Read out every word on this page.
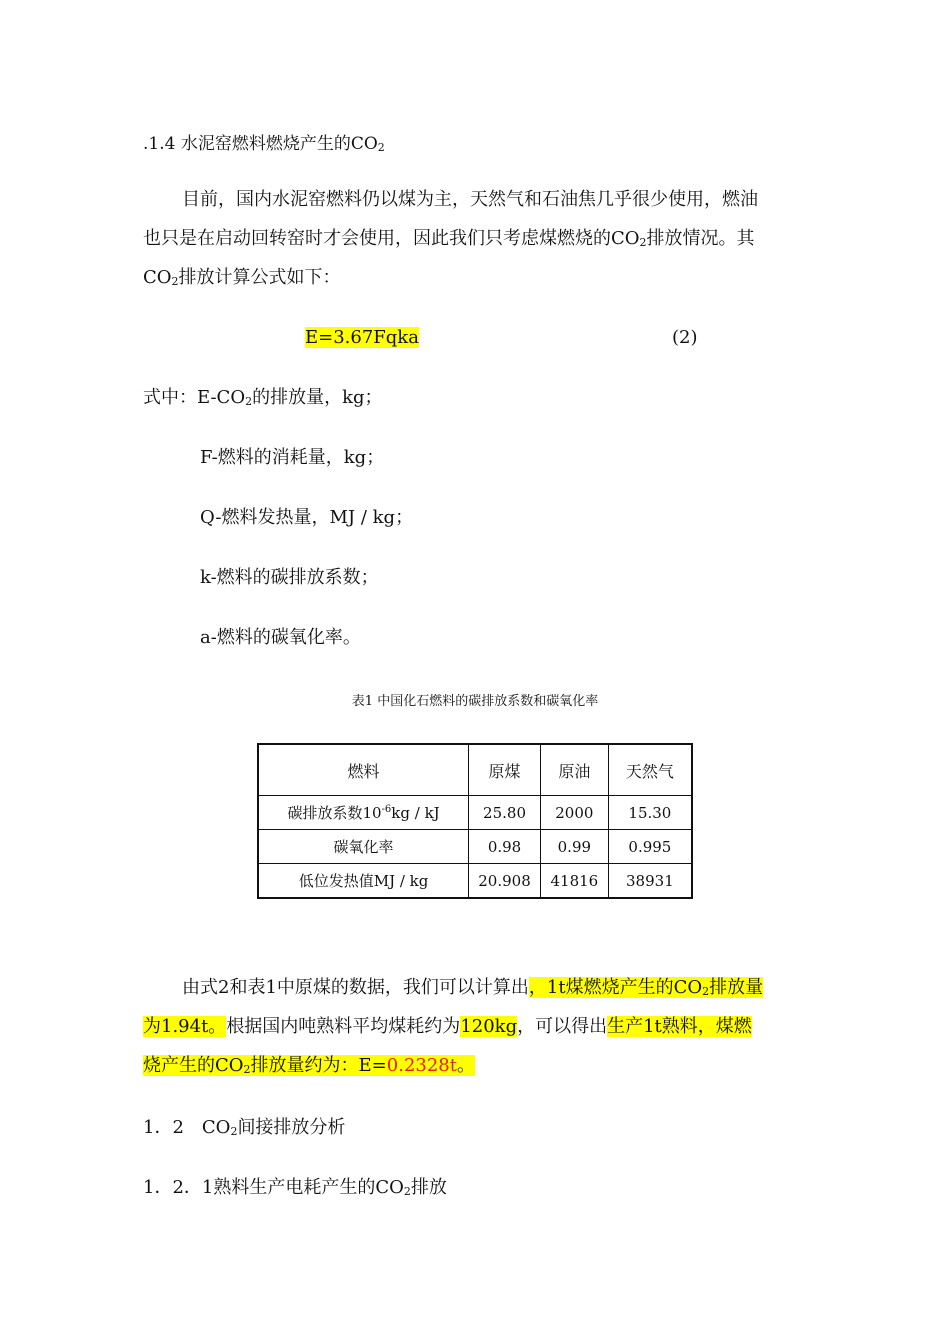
.1.4 水泥窑燃料燃烧产生的CO2
目前，国内水泥窑燃料仍以煤为主，天然气和石油焦几乎很少使用，燃油
也只是在启动回转窑时才会使用，因此我们只考虑煤燃烧的CO2排放情况。其
CO2排放计算公式如下：
E=3.67Fqka	(2)
式中：E-CO2的排放量，kg；
F-燃料的消耗量，kg；
Q-燃料发热量，MJ / kg；
k-燃料的碳排放系数；
a-燃料的碳氧化率。
表1 中国化石燃料的碳排放系数和碳氧化率
燃料	原煤	原油	天然气
碳排放系数$10^{-6}kg$ / kJ	25.80	2000	15.30
碳氧化率	0.98	0.99	0.995
低位发热值MJ / kg	20.908	41816	38931
由式2和表1中原煤的数据，我们可以计算出，1t煤燃烧产生的CO2排放量
为1.94t。根据国内吨熟料平均煤耗约为120kg，可以得出生产1t熟料，煤燃
烧产生的CO2排放量约为：E=0.2328t。
1．2　CO2间接排放分析
1．2．1熟料生产电耗产生的CO2排放
